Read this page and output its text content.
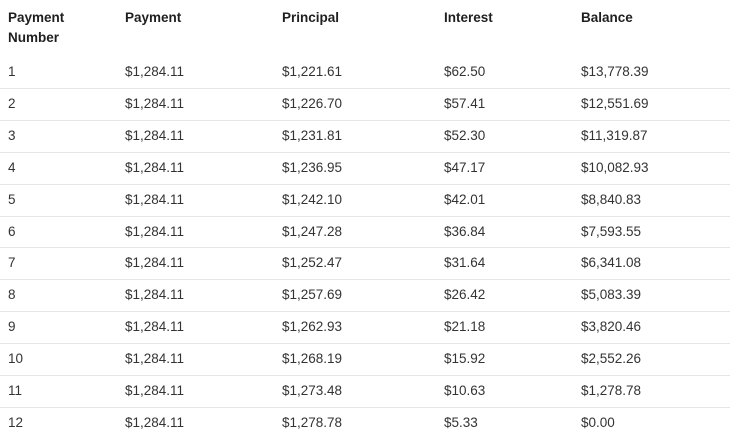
Payment Number	Payment	Principal	Interest	Balance
1	$1,284.11	$1,221.61	$62.50	$13,778.39
2	$1,284.11	$1,226.70	$57.41	$12,551.69
3	$1,284.11	$1,231.81	$52.30	$11,319.87
4	$1,284.11	$1,236.95	$47.17	$10,082.93
5	$1,284.11	$1,242.10	$42.01	$8,840.83
6	$1,284.11	$1,247.28	$36.84	$7,593.55
7	$1,284.11	$1,252.47	$31.64	$6,341.08
8	$1,284.11	$1,257.69	$26.42	$5,083.39
9	$1,284.11	$1,262.93	$21.18	$3,820.46
10	$1,284.11	$1,268.19	$15.92	$2,552.26
11	$1,284.11	$1,273.48	$10.63	$1,278.78
12	$1,284.11	$1,278.78	$5.33	$0.00
